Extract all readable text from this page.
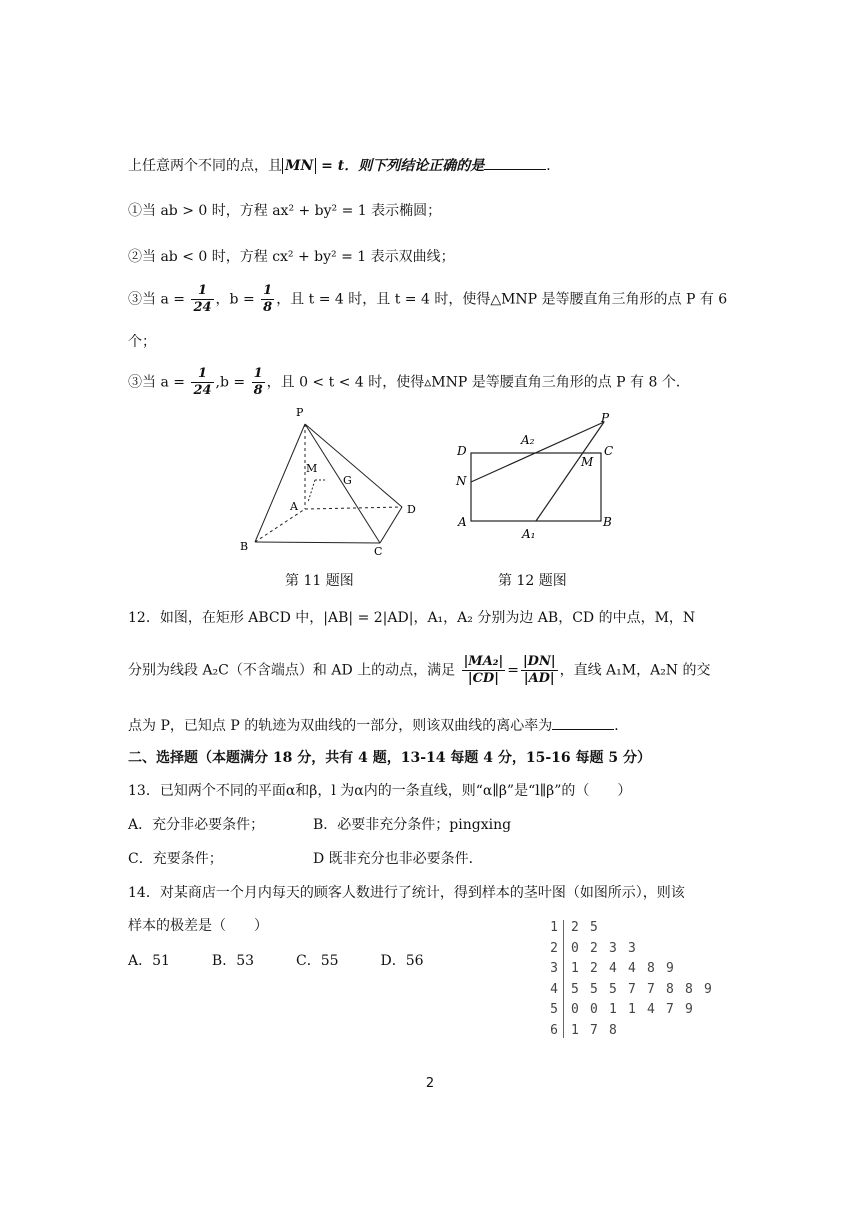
上任意两个不同的点，且 MN = t．则下列结论正确的是	．
①当 ab > 0 时，方程 ax² + by² = 1 表示椭圆；
②当 ab < 0 时，方程 cx² + by² = 1 表示双曲线；
③当 $a = \frac{1}{24}$ ，$b = \frac{1}{8}$ ，且 t = 4 时，且 t = 4 时，使得△MNP 是等腰直角三角形的点 P 有 6
个；
③当 $a = \frac{1}{24} ,b = \frac{1}{8}$ ，且 0 < t < 4 时，使得▵MNP 是等腰直角三角形的点 P 有 8 个．
P
M
G
A	D
B	C
P
D
A₂
C
M
N
A
A₁
B
第 11 题图	第 12 题图
12．如图，在矩形 ABCD 中，|AB| = 2|AD|，A₁，A₂ 分别为边 AB，CD 的中点，M，N
分别为线段 A₂C（不含端点）和 AD 上的动点，满足 $\frac{\text{|MA₂|}}{|CD|} = \frac{|DN|}{|AD|}$ ，直线 A₁M，A₂N 的交
点为 P，已知点 P 的轨迹为双曲线的一部分，则该双曲线的离心率为	．
二、选择题（本题满分 18 分，共有 4 题，13-14 每题 4 分，15-16 每题 5 分）
13．已知两个不同的平面α和β，l 为α内的一条直线，则“α∥β”是“l∥β”的（　　）
A．充分非必要条件；	B．必要非充分条件；pingxing
C．充要条件；	D 既非充分也非必要条件．
14．对某商店一个月内每天的顾客人数进行了统计，得到样本的茎叶图（如图所示），则该
样本的极差是（　　）
A．51　　　B．53　　　C．55　　　D．56
1	2 5
2	0 2 3 3
3	1 2 4 4 8 9
4	5 5 5 7 7 8 8 9
5	0 0 1 1 4 7 9
6	1 7 8
2
